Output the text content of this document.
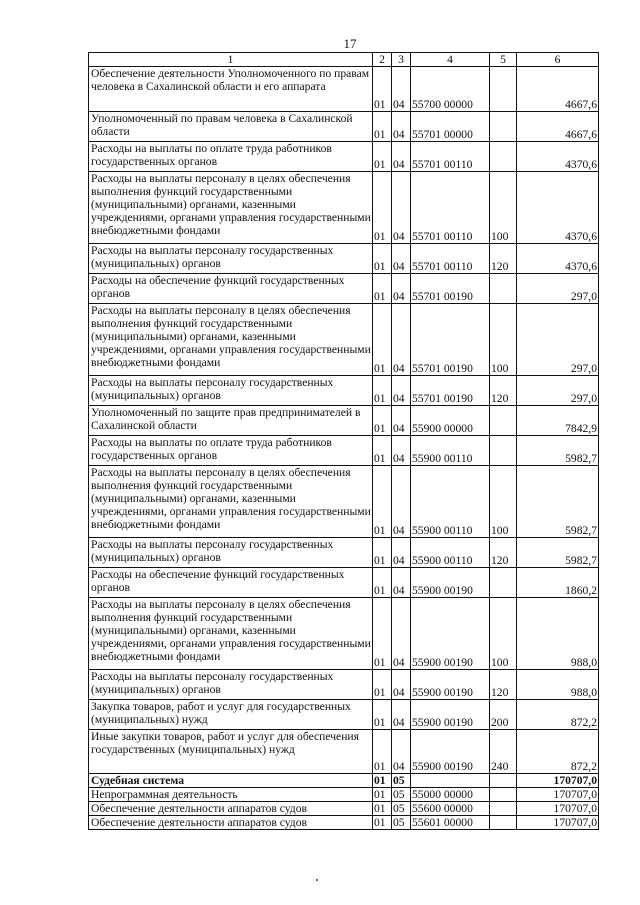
17
1	2	3	4	5	6
Обеспечение деятельности Уполномоченного по правам человека в Сахалинской области и его аппарата	01	04	55700 00000		4667,6
Уполномоченный по правам человека в Сахалинской области	01	04	55701 00000		4667,6
Расходы на выплаты по оплате труда работников государственных органов	01	04	55701 00110		4370,6
Расходы на выплаты персоналу в целях обеспечения выполнения функций государственными (муниципальными) органами, казенными учреждениями, органами управления государственными внебюджетными фондами	01	04	55701 00110	100	4370,6
Расходы на выплаты персоналу государственных (муниципальных) органов	01	04	55701 00110	120	4370,6
Расходы на обеспечение функций государственных органов	01	04	55701 00190		297,0
Расходы на выплаты персоналу в целях обеспечения выполнения функций государственными (муниципальными) органами, казенными учреждениями, органами управления государственными внебюджетными фондами	01	04	55701 00190	100	297,0
Расходы на выплаты персоналу государственных (муниципальных) органов	01	04	55701 00190	120	297,0
Уполномоченный по защите прав предпринимателей в Сахалинской области	01	04	55900 00000		7842,9
Расходы на выплаты по оплате труда работников государственных органов	01	04	55900 00110		5982,7
Расходы на выплаты персоналу в целях обеспечения выполнения функций государственными (муниципальными) органами, казенными учреждениями, органами управления государственными внебюджетными фондами	01	04	55900 00110	100	5982,7
Расходы на выплаты персоналу государственных (муниципальных) органов	01	04	55900 00110	120	5982,7
Расходы на обеспечение функций государственных органов	01	04	55900 00190		1860,2
Расходы на выплаты персоналу в целях обеспечения выполнения функций государственными (муниципальными) органами, казенными учреждениями, органами управления государственными внебюджетными фондами	01	04	55900 00190	100	988,0
Расходы на выплаты персоналу государственных (муниципальных) органов	01	04	55900 00190	120	988,0
Закупка товаров, работ и услуг для государственных (муниципальных) нужд	01	04	55900 00190	200	872,2
Иные закупки товаров, работ и услуг для обеспечения государственных (муниципальных) нужд	01	04	55900 00190	240	872,2
Судебная система	01	05			170707,0
Непрограммная деятельность	01	05	55000 00000		170707,0
Обеспечение деятельности аппаратов судов	01	05	55600 00000		170707,0
Обеспечение деятельности аппаратов судов	01	05	55601 00000		170707,0
